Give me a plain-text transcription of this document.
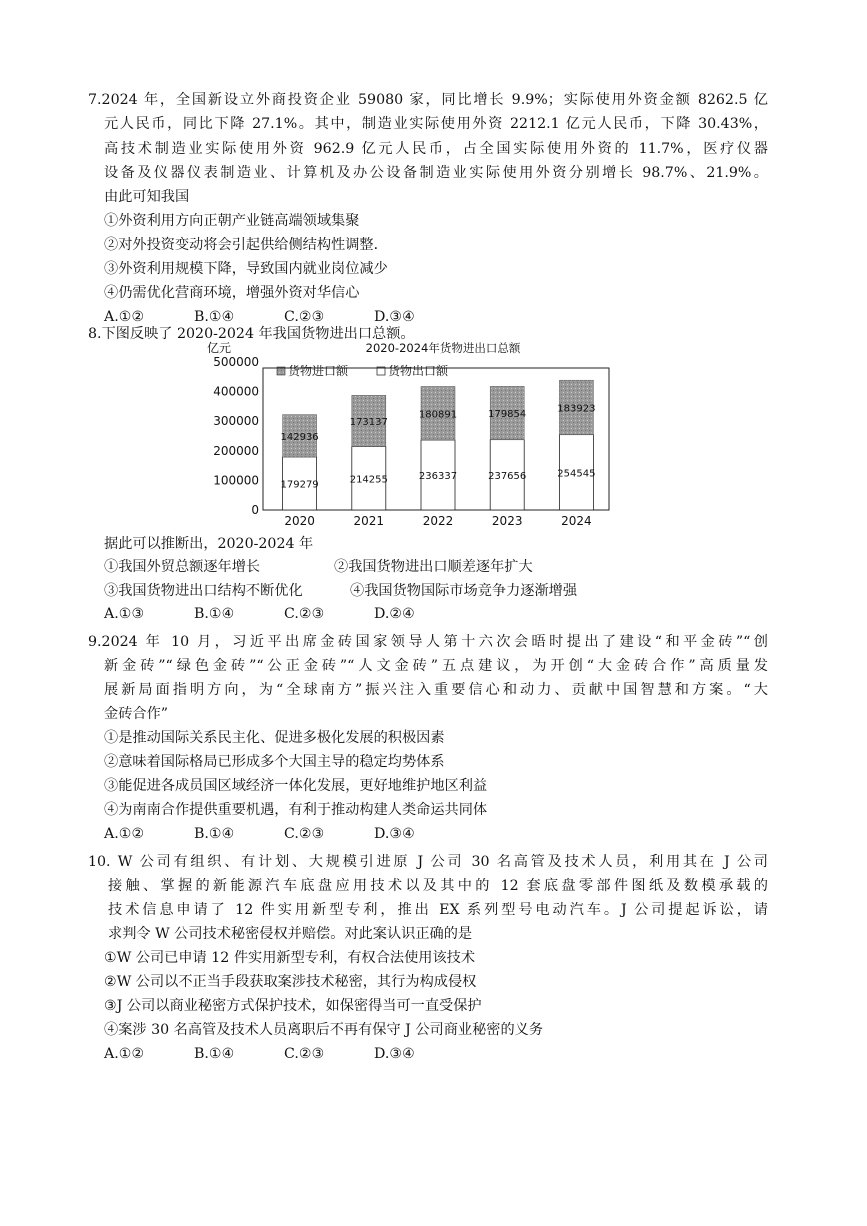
7.2024 年，全国新设立外商投资企业 59080 家，同比增长 9.9%；实际使用外资金额 8262.5 亿
元人民币，同比下降 27.1%。其中，制造业实际使用外资 2212.1 亿元人民币，下降 30.43%，
高技术制造业实际使用外资 962.9 亿元人民币，占全国实际使用外资的 11.7%，医疗仪器
设备及仪器仪表制造业、计算机及办公设备制造业实际使用外资分别增长 98.7%、21.9%。
由此可知我国
①外资利用方向正朝产业链高端领域集聚
②对外投资变动将会引起供给侧结构性调整．
③外资利用规模下降，导致国内就业岗位减少
④仍需优化营商环境，增强外资对华信心
A.①②	B.①④	C.②③	D.③④
8.下图反映了 2020-2024 年我国货物进出口总额。
亿元	2020-2024年货物进出口总额
货物进口额	货物出口额
0
100000
200000
300000
400000
500000
179279
142936
214255
173137
236337
180891
237656
179854
254545
183923
2020	2021	2022	2023	2024
据此可以推断出，2020-2024 年
①我国外贸总额逐年增长	②我国货物进出口顺差逐年扩大
③我国货物进出口结构不断优化	④我国货物国际市场竞争力逐渐增强
A.①③	B.①④	C.②③	D.②④
9.2024 年 10 月，习近平出席金砖国家领导人第十六次会晤时提出了建设“和平金砖”“创
新金砖”“绿色金砖”“公正金砖”“人文金砖”五点建议，为开创“大金砖合作”高质量发
展新局面指明方向，为“全球南方”振兴注入重要信心和动力、贡献中国智慧和方案。“大
金砖合作”
①是推动国际关系民主化、促进多极化发展的积极因素
②意味着国际格局已形成多个大国主导的稳定均势体系
③能促进各成员国区域经济一体化发展，更好地维护地区利益
④为南南合作提供重要机遇，有利于推动构建人类命运共同体
A.①②	B.①④	C.②③	D.③④
10. W 公司有组织、有计划、大规模引进原 J 公司 30 名高管及技术人员，利用其在 J 公司
接触、掌握的新能源汽车底盘应用技术以及其中的 12 套底盘零部件图纸及数模承载的
技术信息申请了 12 件实用新型专利，推出 EX 系列型号电动汽车。J 公司提起诉讼，请
求判令 W 公司技术秘密侵权并赔偿。对此案认识正确的是
①W 公司已申请 12 件实用新型专利，有权合法使用该技术
②W 公司以不正当手段获取案涉技术秘密，其行为构成侵权
③J 公司以商业秘密方式保护技术，如保密得当可一直受保护
④案涉 30 名高管及技术人员离职后不再有保守 J 公司商业秘密的义务
A.①②	B.①④	C.②③	D.③④
